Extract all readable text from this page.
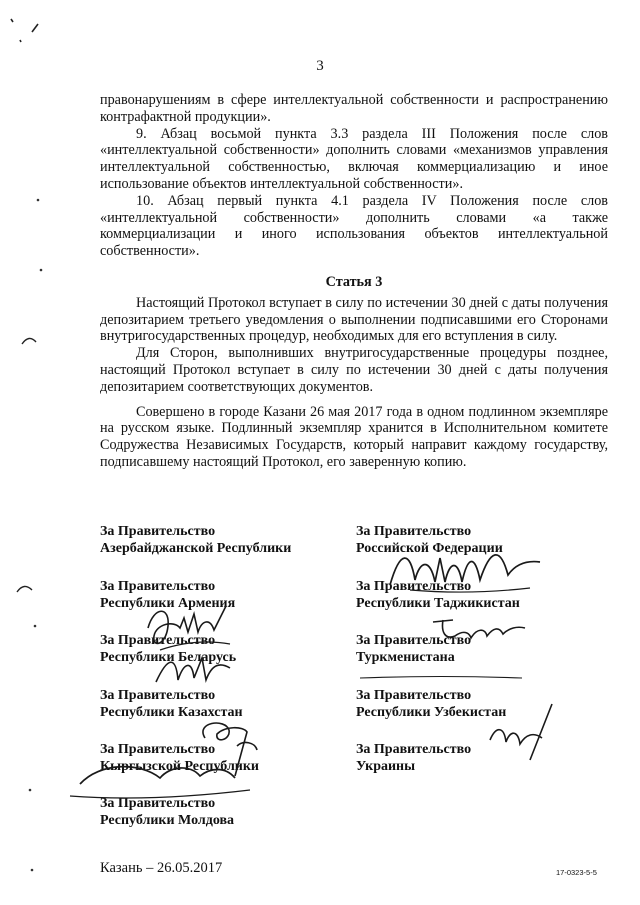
3

правонарушениям в сфере интеллектуальной собственности и распространению контрафактной продукции».

9. Абзац восьмой пункта 3.3 раздела III Положения после слов «интеллектуальной собственности» дополнить словами «механизмов управления интеллектуальной собственностью, включая коммерциализацию и иное использование объектов интеллектуальной собственности».

10. Абзац первый пункта 4.1 раздела IV Положения после слов «интеллектуальной собственности» дополнить словами «а также коммерциализации и иного использования объектов интеллектуальной собственности».

Статья 3

Настоящий Протокол вступает в силу по истечении 30 дней с даты получения депозитарием третьего уведомления о выполнении подписавшими его Сторонами внутригосударственных процедур, необходимых для его вступления в силу.

Для Сторон, выполнивших внутригосударственные процедуры позднее, настоящий Протокол вступает в силу по истечении 30 дней с даты получения депозитарием соответствующих документов.

Совершено в городе Казани 26 мая 2017 года в одном подлинном экземпляре на русском языке. Подлинный экземпляр хранится в Исполнительном комитете Содружества Независимых Государств, который направит каждому государству, подписавшему настоящий Протокол, его заверенную копию.

За Правительство
Азербайджанской Республики
За Правительство
Республики Армения
За Правительство
Республики Беларусь
За Правительство
Республики Казахстан
За Правительство
Кыргызской Республики
За Правительство
Республики Молдова
За Правительство
Российской Федерации
За Правительство
Республики Таджикистан
За Правительство
Туркменистана
За Правительство
Республики Узбекистан
За Правительство
Украины
Казань – 26.05.2017	17-0323-5-5
